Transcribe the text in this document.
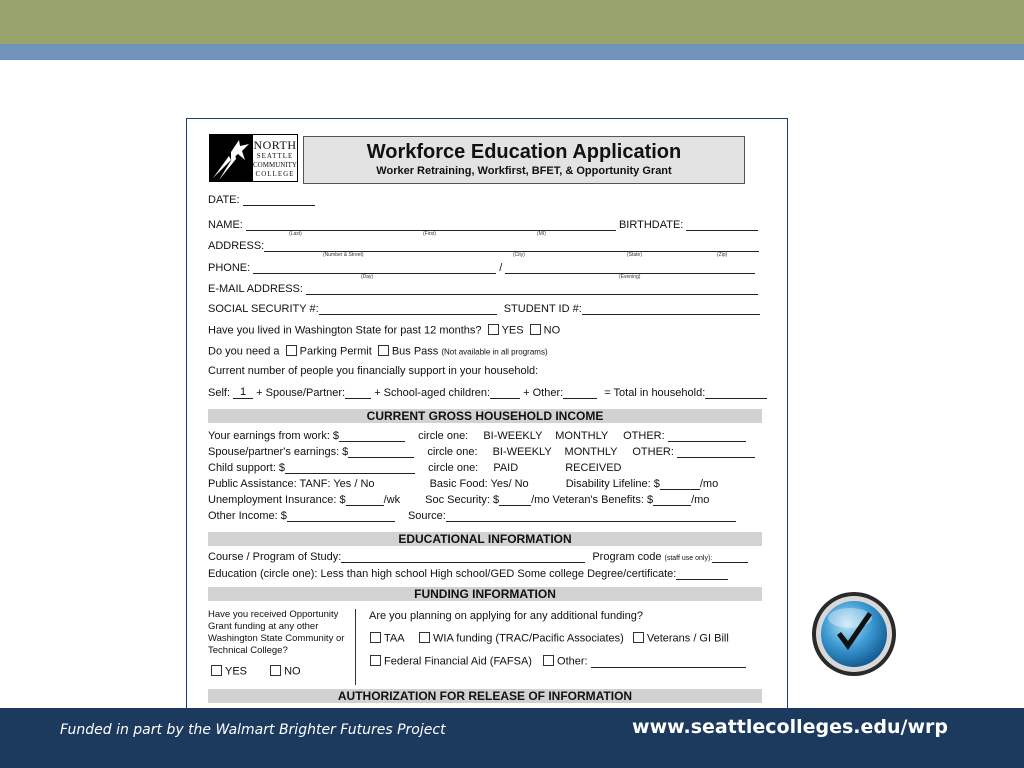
NORTH
SEATTLE
COMMUNITY
COLLEGE
Workforce Education Application
Worker Retraining, Workfirst, BFET, & Opportunity Grant
DATE:
NAME:	BIRTHDATE:
(Last)	(First)	(MI)
ADDRESS:
(Number & Street)	(City)	(State)	(Zip)
PHONE:	/
(Day)	(Evening)
E-MAIL ADDRESS:
SOCIAL SECURITY #:	STUDENT ID #:
Have you lived in Washington State for past 12 months? YES NO
Do you need a Parking Permit Bus Pass (Not available in all programs)
Current number of people you financially support in your household:
Self: 1 + Spouse/Partner:	+ School-aged children:	+ Other:	= Total in household:
CURRENT GROSS HOUSEHOLD INCOME
Your earnings from work: $	circle one: BI-WEEKLY MONTHLY OTHER:
Spouse/partner's earnings: $	circle one: BI-WEEKLY MONTHLY OTHER:
Child support: $	circle one: PAID	RECEIVED
Public Assistance: TANF: Yes / No	Basic Food: Yes/ No	Disability Lifeline: $	/mo
Unemployment Insurance: $	/wk Soc Security: $	/mo Veteran's Benefits: $	/mo
Other Income: $	Source:
EDUCATIONAL INFORMATION
Course / Program of Study:	Program code (staff use only):
Education (circle one): Less than high school High school/GED Some college Degree/certificate:
FUNDING INFORMATION
Have you received Opportunity Grant funding at any other Washington State Community or Technical College?
YES	NO
Are you planning on applying for any additional funding?
TAA	WIA funding (TRAC/Pacific Associates) Veterans / GI Bill
Federal Financial Aid (FAFSA) Other:
AUTHORIZATION FOR RELEASE OF INFORMATION
Funded in part by the Walmart Brighter Futures Project	www.seattlecolleges.edu/wrp
